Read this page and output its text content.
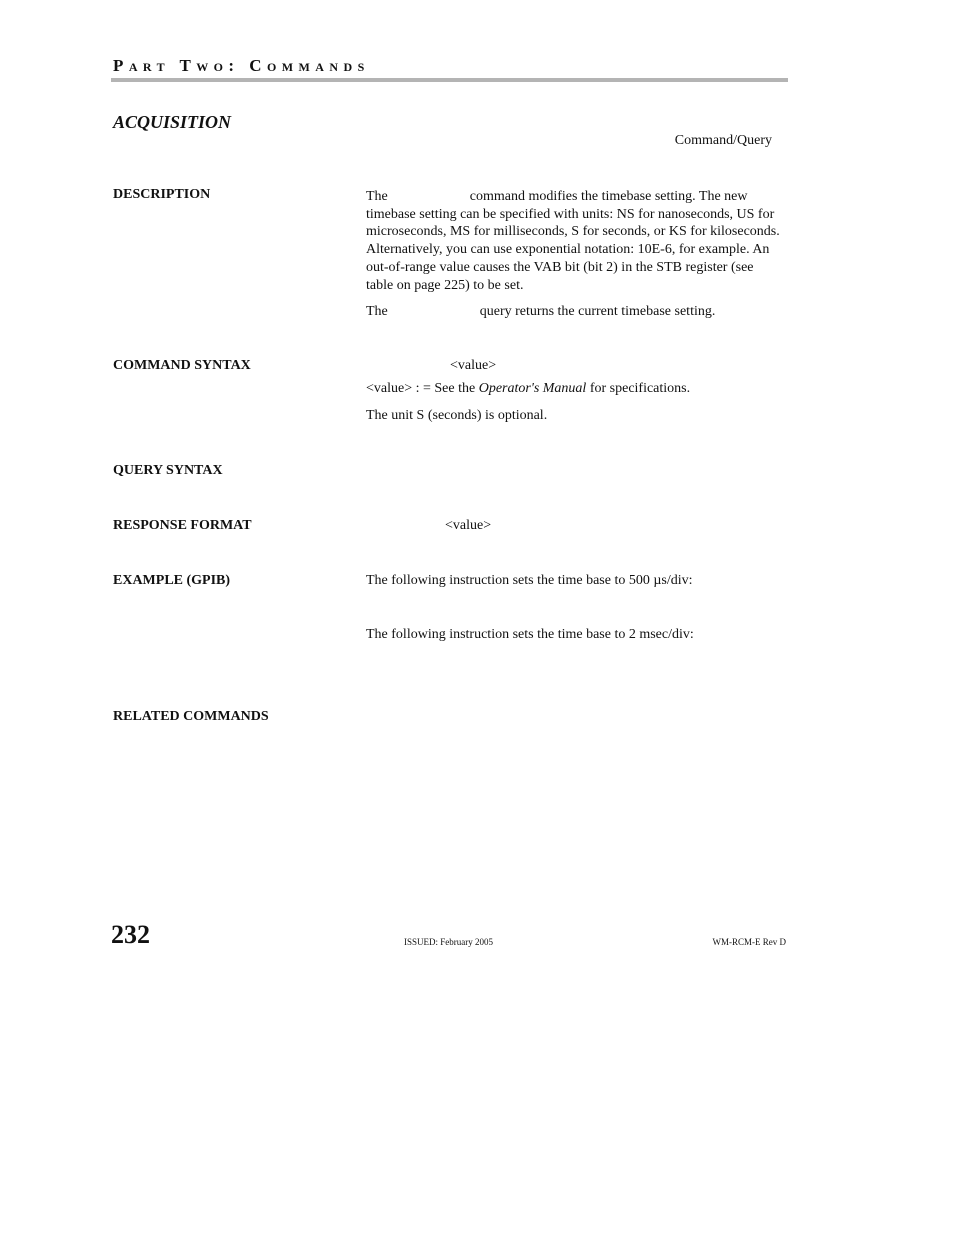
Part Two: Commands
ACQUISITION
Command/Query
DESCRIPTION	The	command modifies the timebase setting. The new timebase setting can be specified with units: NS for nanoseconds, US for microseconds, MS for milliseconds, S for seconds, or KS for kiloseconds. Alternatively, you can use exponential notation: 10E-6, for example. An out-of-range value causes the VAB bit (bit 2) in the STB register (see table on page 225) to be set.
The	query returns the current timebase setting.
COMMAND SYNTAX	<value>
<value> : = See the Operator's Manual for specifications.
The unit S (seconds) is optional.
QUERY SYNTAX
RESPONSE FORMAT	<value>
EXAMPLE (GPIB)	The following instruction sets the time base to 500 µs/div:
The following instruction sets the time base to 2 msec/div:
RELATED COMMANDS
232	ISSUED: February 2005	WM-RCM-E Rev D
